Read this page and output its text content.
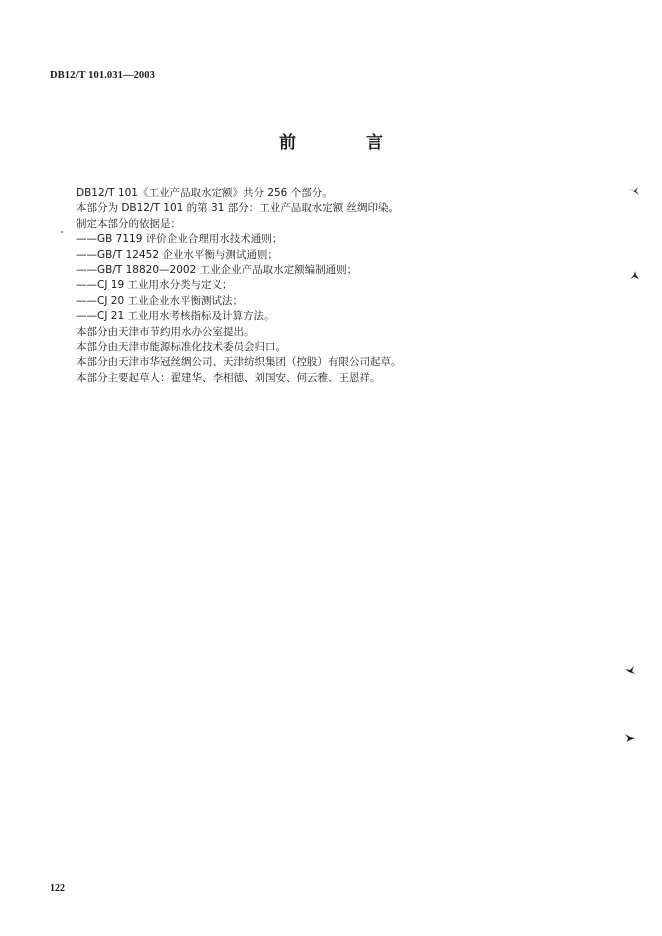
DB12/T 101.031—2003
前 言
DB12/T 101《工业产品取水定额》共分 256 个部分。
本部分为 DB12/T 101 的第 31 部分：工业产品取水定额 丝绸印染。
制定本部分的依据是：
——GB 7119 评价企业合理用水技术通则；
——GB/T 12452 企业水平衡与测试通则；
——GB/T 18820—2002 工业企业产品取水定额编制通则；
——CJ 19 工业用水分类与定义；
——CJ 20 工业企业水平衡测试法；
——CJ 21 工业用水考核指标及计算方法。
本部分由天津市节约用水办公室提出。
本部分由天津市能源标准化技术委员会归口。
本部分由天津市华冠丝绸公司、天津纺织集团（控股）有限公司起草。
本部分主要起草人：翟建华、李相德、刘国安、何云雅、王恩祥。
122
